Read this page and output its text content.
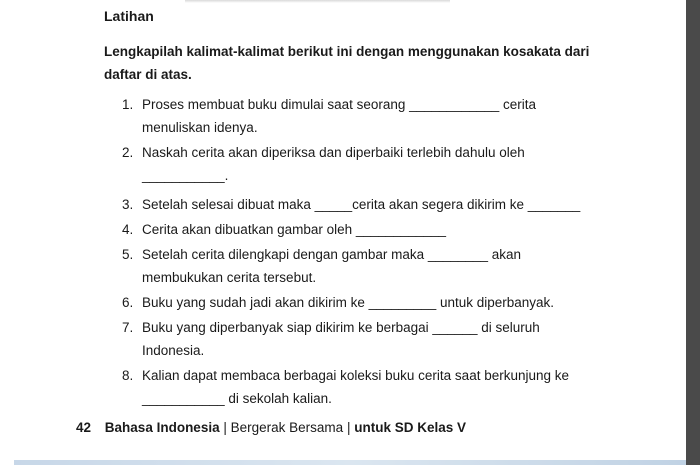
Latihan
Lengkapilah kalimat-kalimat berikut ini dengan menggunakan kosakata dari daftar di atas.
1. Proses membuat buku dimulai saat seorang ____________ cerita menuliskan idenya.
2. Naskah cerita akan diperiksa dan diperbaiki terlebih dahulu oleh ___________.
3. Setelah selesai dibuat maka _____cerita akan segera dikirim ke _______
4. Cerita akan dibuatkan gambar oleh ____________
5. Setelah cerita dilengkapi dengan gambar maka ________ akan membukukan cerita tersebut.
6. Buku yang sudah jadi akan dikirim ke _________ untuk diperbanyak.
7. Buku yang diperbanyak siap dikirim ke berbagai ______ di seluruh Indonesia.
8. Kalian dapat membaca berbagai koleksi buku cerita saat berkunjung ke ___________ di sekolah kalian.
42 Bahasa Indonesia | Bergerak Bersama | untuk SD Kelas V
